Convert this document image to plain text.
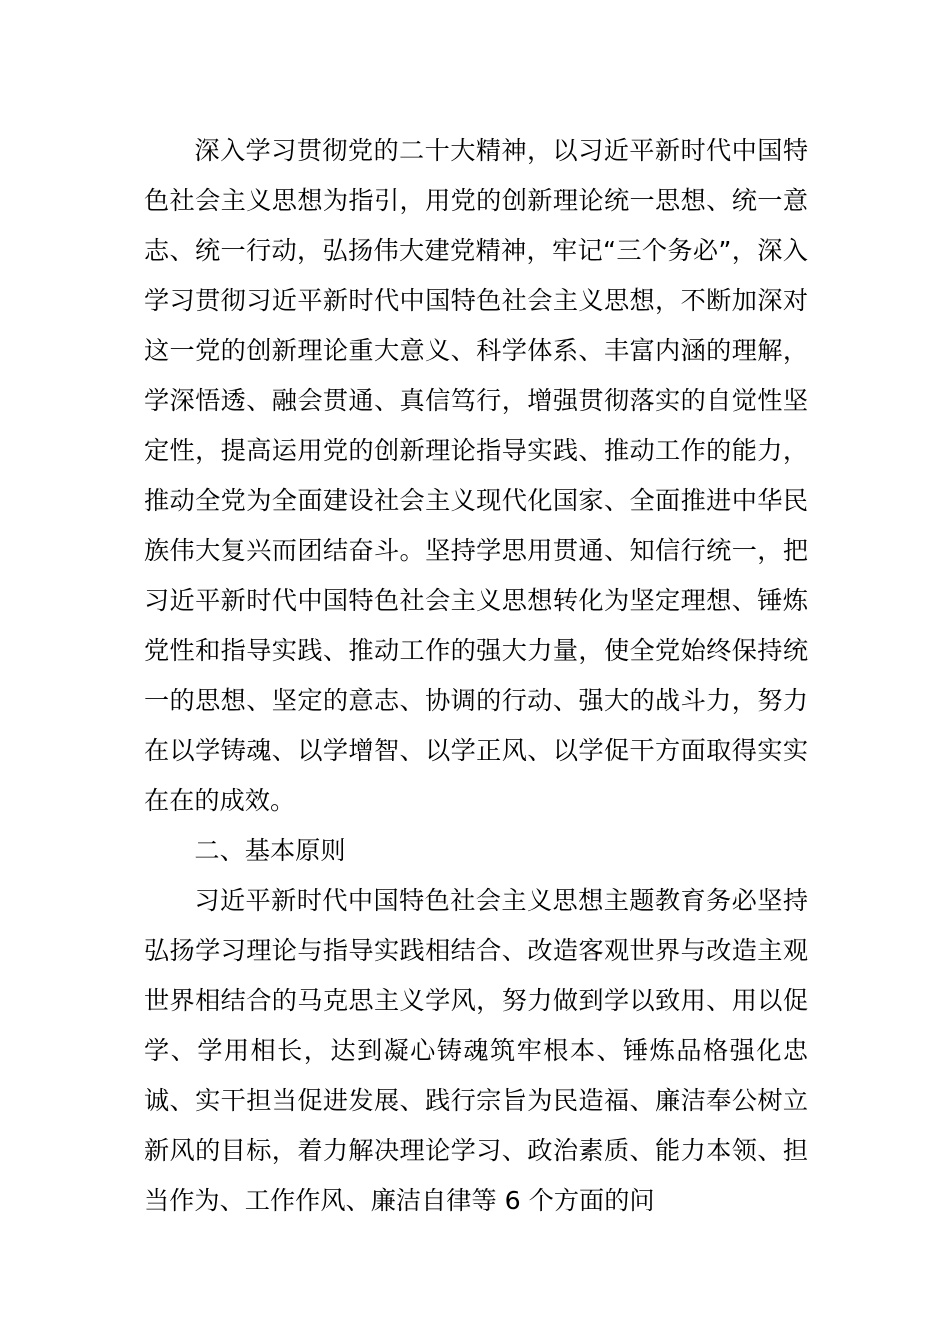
深入学习贯彻党的二十大精神，以习近平新时代中国特色社会主义思想为指引，用党的创新理论统一思想、统一意志、统一行动，弘扬伟大建党精神，牢记“三个务必”，深入学习贯彻习近平新时代中国特色社会主义思想，不断加深对这一党的创新理论重大意义、科学体系、丰富内涵的理解，学深悟透、融会贯通、真信笃行，增强贯彻落实的自觉性坚定性，提高运用党的创新理论指导实践、推动工作的能力，推动全党为全面建设社会主义现代化国家、全面推进中华民族伟大复兴而团结奋斗。坚持学思用贯通、知信行统一，把习近平新时代中国特色社会主义思想转化为坚定理想、锤炼党性和指导实践、推动工作的强大力量，使全党始终保持统一的思想、坚定的意志、协调的行动、强大的战斗力，努力在以学铸魂、以学增智、以学正风、以学促干方面取得实实在在的成效。

二、基本原则

习近平新时代中国特色社会主义思想主题教育务必坚持弘扬学习理论与指导实践相结合、改造客观世界与改造主观世界相结合的马克思主义学风，努力做到学以致用、用以促学、学用相长，达到凝心铸魂筑牢根本、锤炼品格强化忠诚、实干担当促进发展、践行宗旨为民造福、廉洁奉公树立新风的目标，着力解决理论学习、政治素质、能力本领、担当作为、工作作风、廉洁自律等 6 个方面的问
